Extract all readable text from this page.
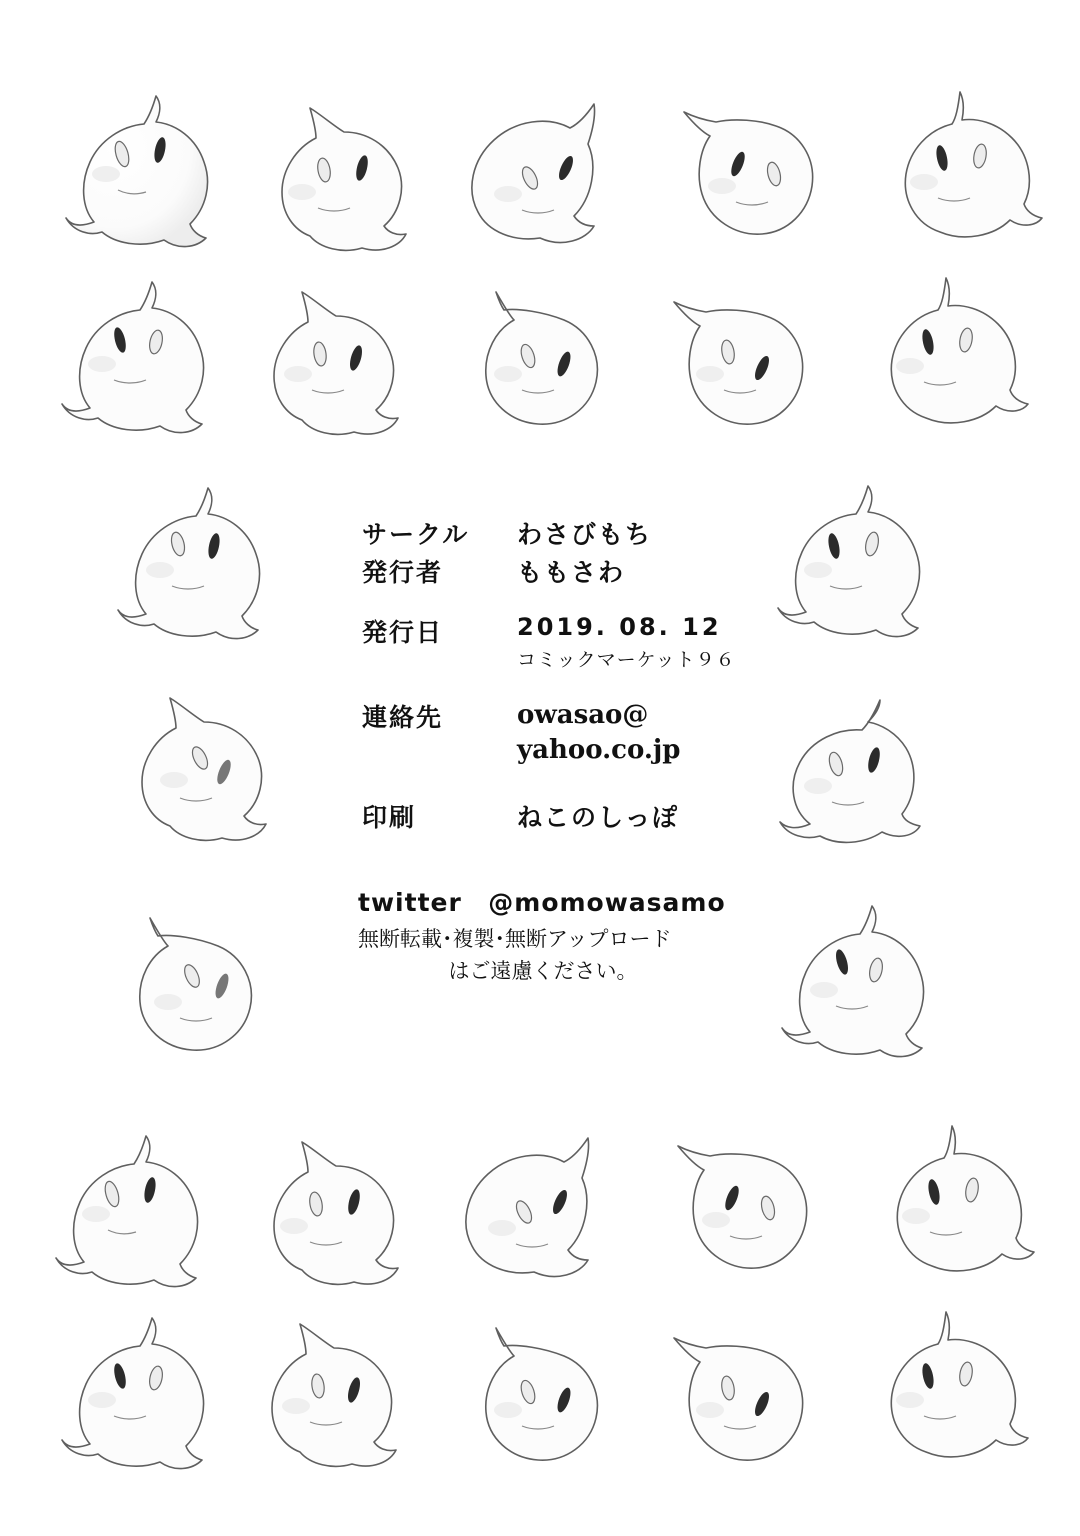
サークル	わさびもち
発行者	ももさわ
発行日	2019. 08. 12
コミックマーケット９６
連絡先	owasao@
yahoo.co.jp
印刷	ねこのしっぽ
twitter @momowasamo
無断転載･複製･無断アップロード
はご遠慮ください。
